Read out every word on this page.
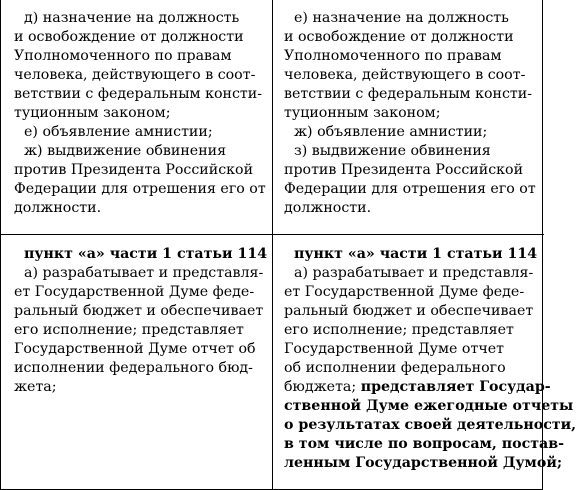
д) назначение на должность
и освобождение от должности
Уполномоченного по правам
человека, действующего в соот-
ветствии с федеральным консти-
туционным законом;
е) объявление амнистии;
ж) выдвижение обвинения
против Президента Российской
Федерации для отрешения его от
должности.
е) назначение на должность
и освобождение от должности
Уполномоченного по правам
человека, действующего в соот-
ветствии с федеральным консти-
туционным законом;
ж) объявление амнистии;
з) выдвижение обвинения
против Президента Российской
Федерации для отрешения его от
должности.
пункт «а» части 1 статьи 114
а) разрабатывает и представля-
ет Государственной Думе феде-
ральный бюджет и обеспечивает
его исполнение; представляет
Государственной Думе отчет об
исполнении федерального бюд-
жета;
пункт «а» части 1 статьи 114
а) разрабатывает и представля-
ет Государственной Думе феде-
ральный бюджет и обеспечивает
его исполнение; представляет
Государственной Думе отчет
об исполнении федерального
бюджета; представляет Государ-
ственной Думе ежегодные отчеты
о результатах своей деятельности,
в том числе по вопросам, постав-
ленным Государственной Думой;
